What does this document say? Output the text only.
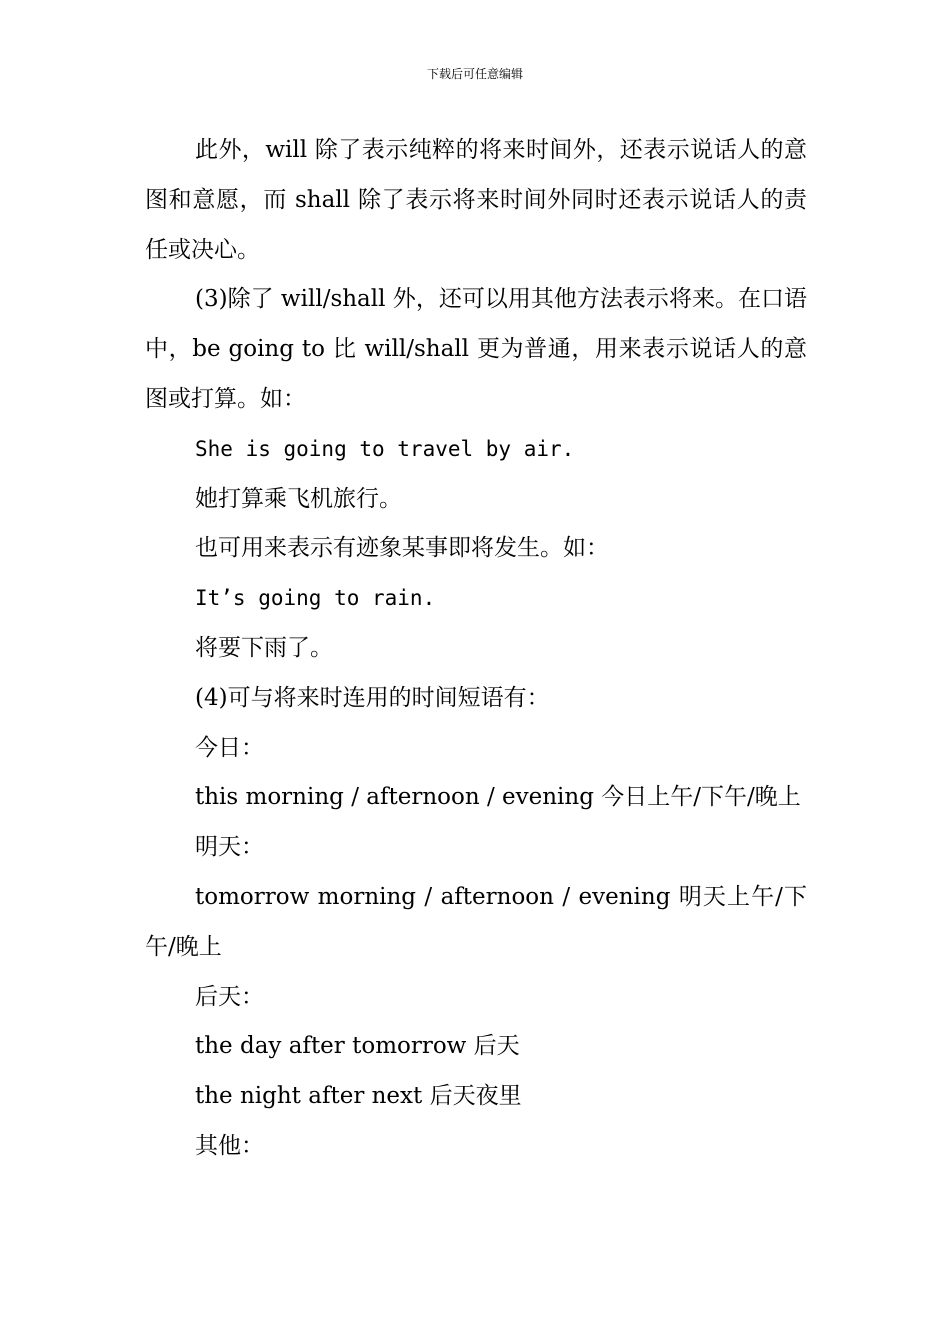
下载后可任意编辑

此外，will 除了表示纯粹的将来时间外，还表示说话人的意图和意愿，而 shall 除了表示将来时间外同时还表示说话人的责任或决心。

(3)除了 will/shall 外，还可以用其他方法表示将来。在口语中，be going to 比 will/shall 更为普通，用来表示说话人的意图或打算。如：

She is going to travel by air.

她打算乘飞机旅行。

也可用来表示有迹象某事即将发生。如：

It’s going to rain.

将要下雨了。

(4)可与将来时连用的时间短语有：

今日：

this morning / afternoon / evening 今日上午/下午/晚上

明天：

tomorrow morning / afternoon / evening 明天上午/下午/晚上

后天：

the day after tomorrow 后天

the night after next 后天夜里

其他：
